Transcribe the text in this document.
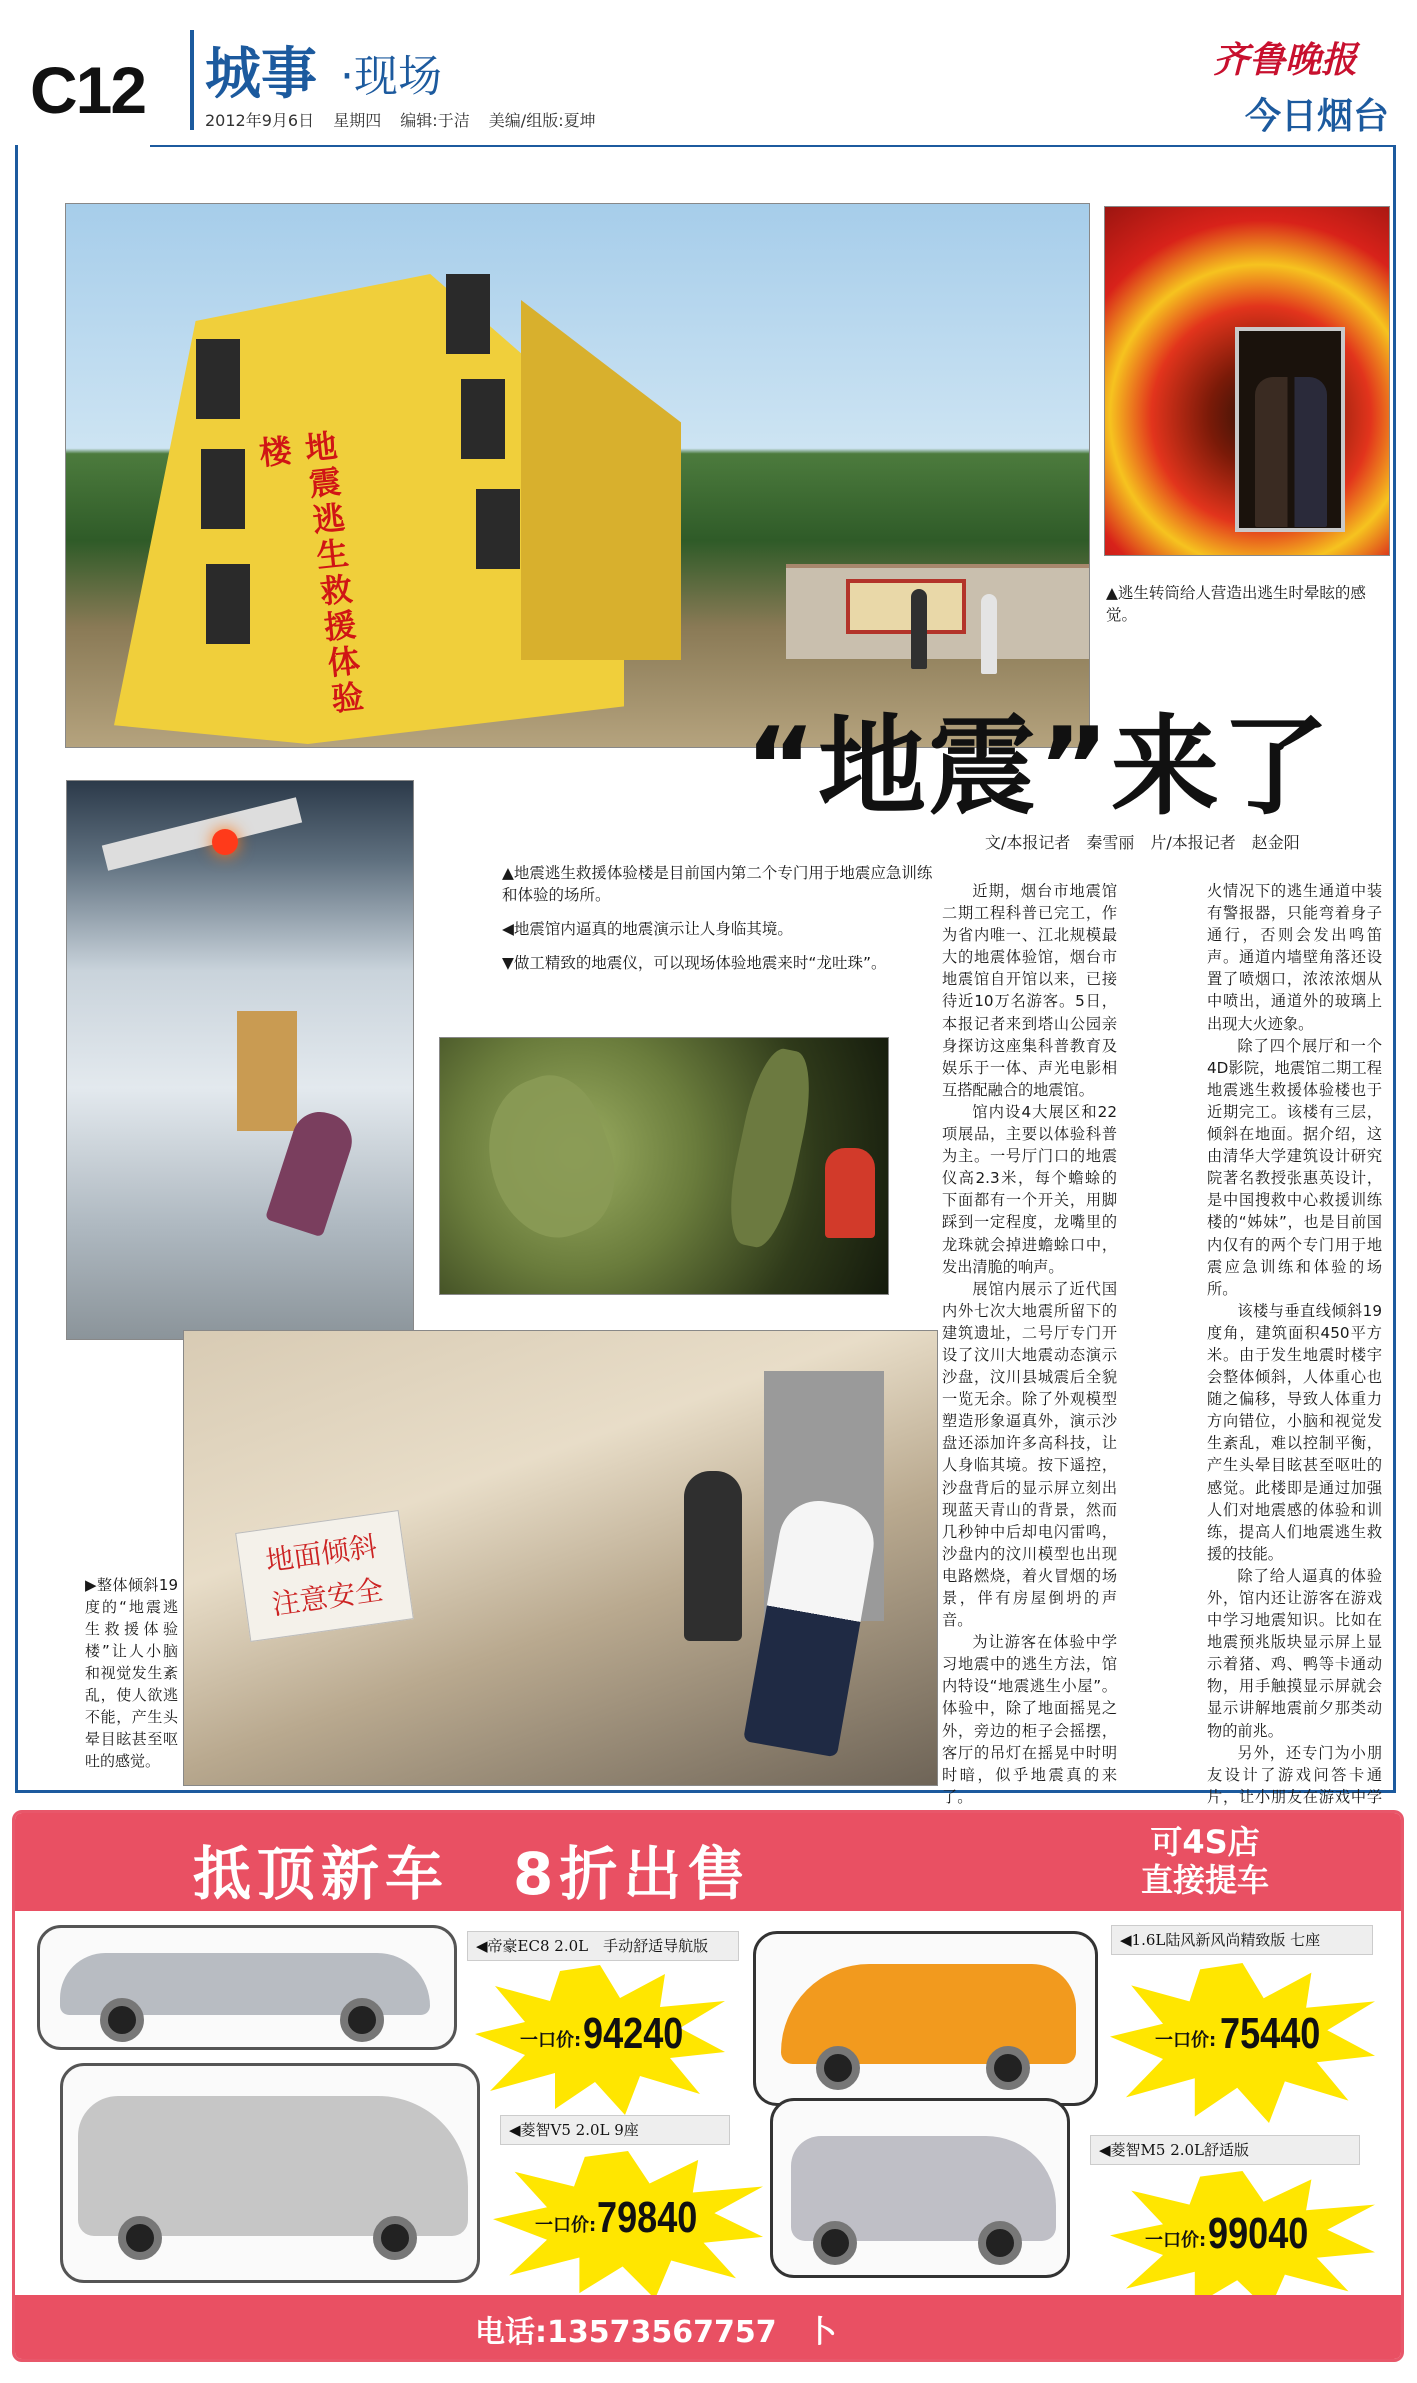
C12 城事 ·现场
2012年9月6日 星期四 编辑:于洁 美编/组版:夏坤
齐鲁晚报
今日烟台
地震逃生救援体验楼
地面倾斜
注意安全
“地震”来了
文/本报记者　秦雪丽　片/本报记者　赵金阳
▲逃生转筒给人营造出逃生时晕眩的感觉。

▲地震逃生救援体验楼是目前国内第二个专门用于地震应急训练和体验的场所。

◀地震馆内逼真的地震演示让人身临其境。

▼做工精致的地震仪，可以现场体验地震来时“龙吐珠”。

▶整体倾斜19度的“地震逃生救援体验楼”让人小脑和视觉发生紊乱，使人欲逃不能，产生头晕目眩甚至呕吐的感觉。

近期，烟台市地震馆二期工程科普已完工，作为省内唯一、江北规模最大的地震体验馆，烟台市地震馆自开馆以来，已接待近10万名游客。5日，本报记者来到塔山公园亲身探访这座集科普教育及娱乐于一体、声光电影相互搭配融合的地震馆。

馆内设4大展区和22项展品，主要以体验科普为主。一号厅门口的地震仪高2.3米，每个蟾蜍的下面都有一个开关，用脚踩到一定程度，龙嘴里的龙珠就会掉进蟾蜍口中，发出清脆的响声。

展馆内展示了近代国内外七次大地震所留下的建筑遗址，二号厅专门开设了汶川大地震动态演示沙盘，汶川县城震后全貌一览无余。除了外观模型塑造形象逼真外，演示沙盘还添加许多高科技，让人身临其境。按下遥控，沙盘背后的显示屏立刻出现蓝天青山的背景，然而几秒钟中后却电闪雷鸣，沙盘内的汶川模型也出现电路燃烧，着火冒烟的场景，伴有房屋倒坍的声音。

为让游客在体验中学习地震中的逃生方法，馆内特设“地震逃生小屋”。体验中，除了地面摇晃之外，旁边的柜子会摇摆，客厅的吊灯在摇晃中时明时暗，似乎地震真的来了。

火情况下的逃生通道中装有警报器，只能弯着身子通行，否则会发出鸣笛声。通道内墙壁角落还设置了喷烟口，浓浓浓烟从中喷出，通道外的玻璃上出现大火迹象。

除了四个展厅和一个4D影院，地震馆二期工程地震逃生救援体验楼也于近期完工。该楼有三层，倾斜在地面。据介绍，这由清华大学建筑设计研究院著名教授张惠英设计，是中国搜救中心救援训练楼的“姊妹”，也是目前国内仅有的两个专门用于地震应急训练和体验的场所。

该楼与垂直线倾斜19度角，建筑面积450平方米。由于发生地震时楼宇会整体倾斜，人体重心也随之偏移，导致人体重力方向错位，小脑和视觉发生紊乱，难以控制平衡，产生头晕目眩甚至呕吐的感觉。此楼即是通过加强人们对地震感的体验和训练，提高人们地震逃生救援的技能。

除了给人逼真的体验外，馆内还让游客在游戏中学习地震知识。比如在地震预兆版块显示屏上显示着猪、鸡、鸭等卡通动物，用手触摸显示屏就会显示讲解地震前夕那类动物的前兆。

另外，还专门为小朋友设计了游戏问答卡通片，让小朋友在游戏中学

抵顶新车　8折出售	可4S店
直接提车
◀帝豪EC8 2.0L　手动舒适导航版
一口价: 94240
◀1.6L陆风新风尚精致版 七座
一口价: 75440
◀菱智V5 2.0L 9座
一口价: 79840
◀菱智M5 2.0L舒适版
一口价: 99040
电话:13573567757　卜
